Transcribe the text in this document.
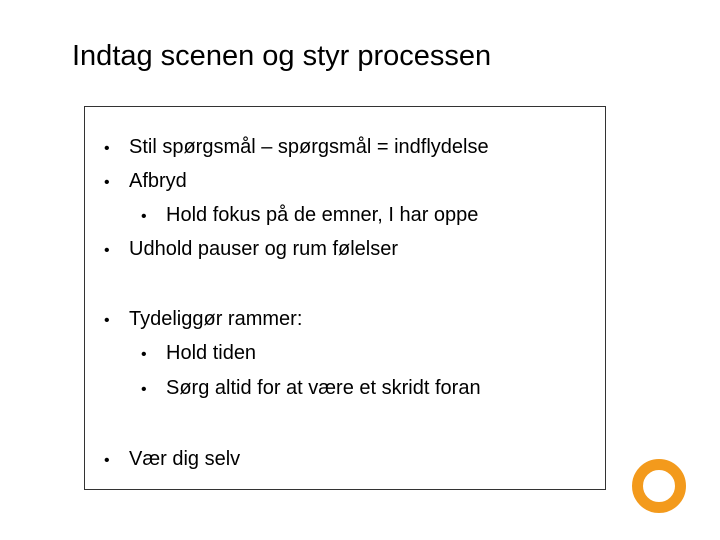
Indtag scenen og styr processen
• Stil spørgsmål – spørgsmål = indflydelse
• Afbryd
• Hold fokus på de emner, I har oppe
• Udhold pauser og rum følelser
• Tydeliggør rammer:
• Hold tiden
• Sørg altid for at være et skridt foran
• Vær dig selv
